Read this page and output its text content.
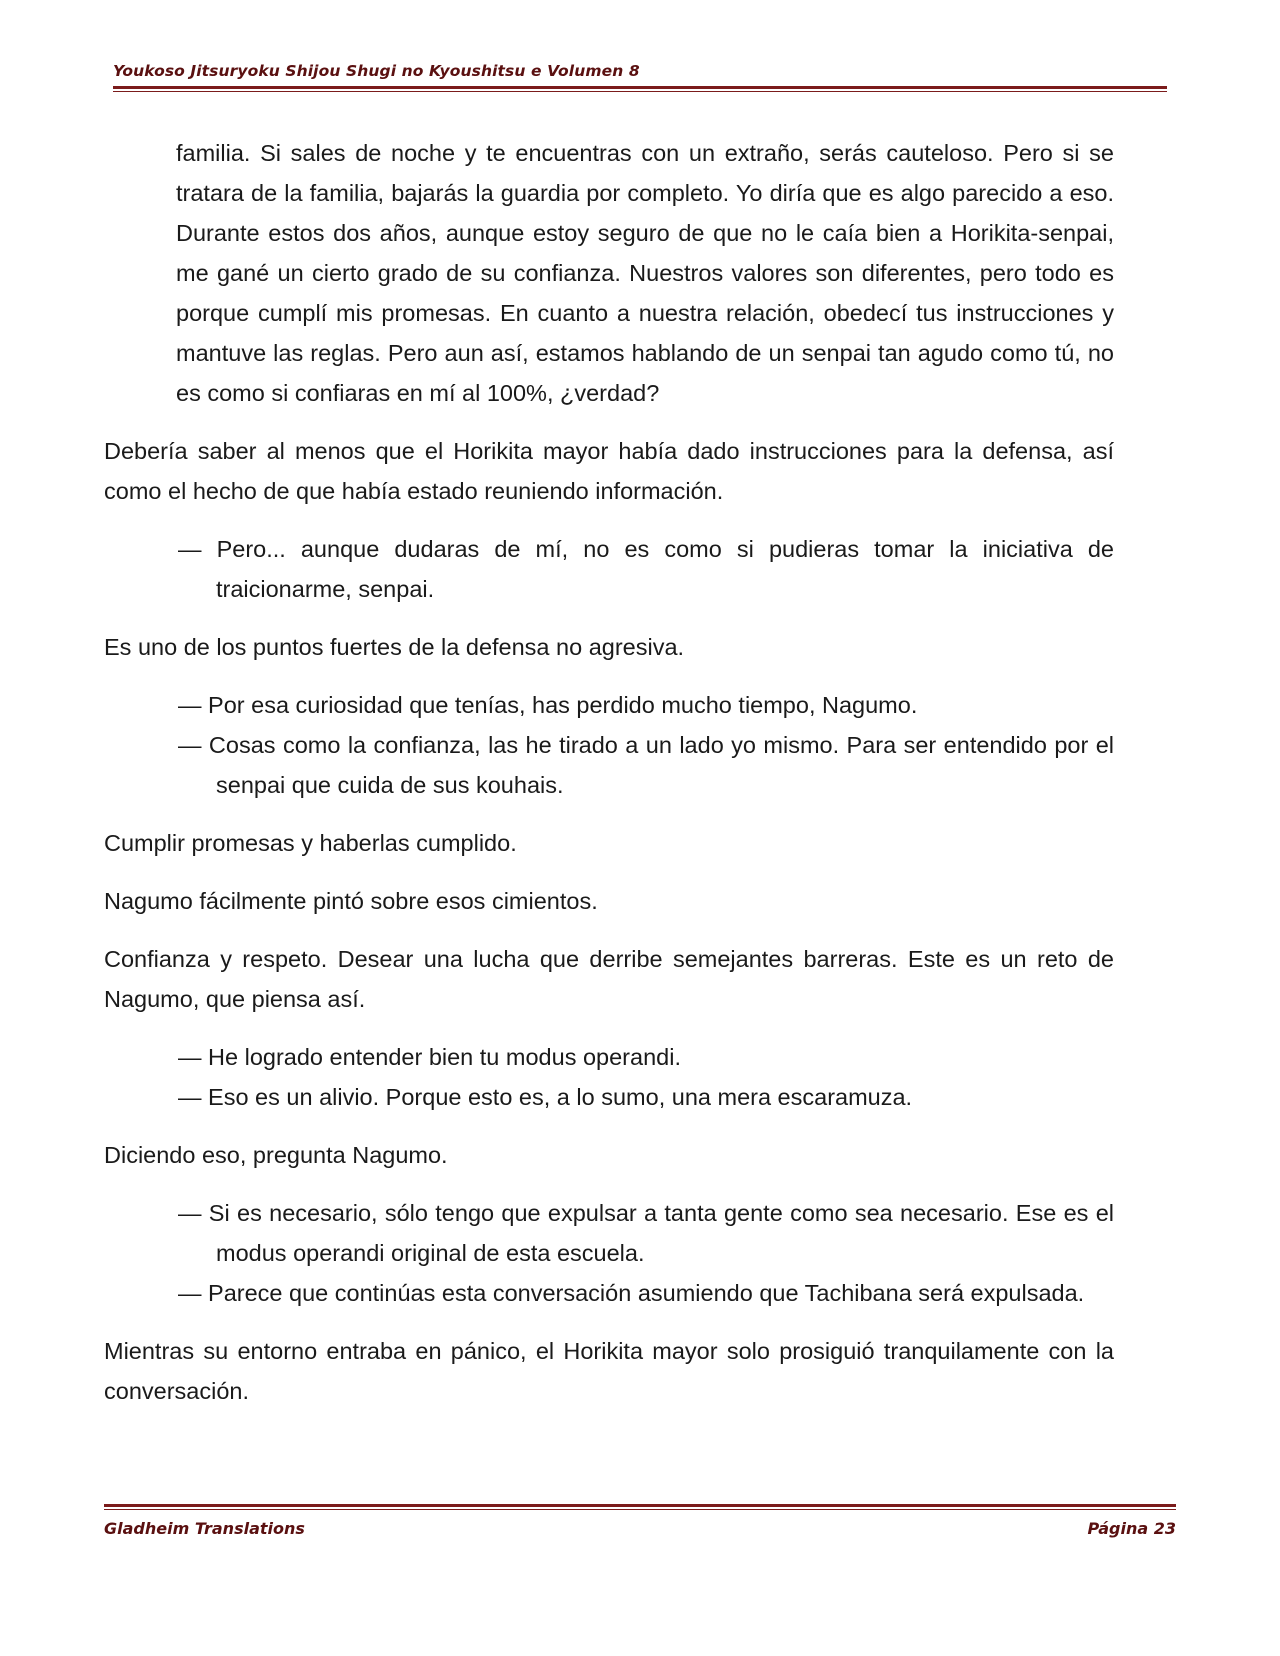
Youkoso Jitsuryoku Shijou Shugi no Kyoushitsu e Volumen 8

familia. Si sales de noche y te encuentras con un extraño, serás cauteloso. Pero si se tratara de la familia, bajarás la guardia por completo. Yo diría que es algo parecido a eso. Durante estos dos años, aunque estoy seguro de que no le caía bien a Horikita-senpai, me gané un cierto grado de su confianza. Nuestros valores son diferentes, pero todo es porque cumplí mis promesas. En cuanto a nuestra relación, obedecí tus instrucciones y mantuve las reglas. Pero aun así, estamos hablando de un senpai tan agudo como tú, no es como si confiaras en mí al 100%, ¿verdad?

Debería saber al menos que el Horikita mayor había dado instrucciones para la defensa, así como el hecho de que había estado reuniendo información.

— Pero... aunque dudaras de mí, no es como si pudieras tomar la iniciativa de traicionarme, senpai.

Es uno de los puntos fuertes de la defensa no agresiva.

— Por esa curiosidad que tenías, has perdido mucho tiempo, Nagumo.

— Cosas como la confianza, las he tirado a un lado yo mismo. Para ser entendido por el senpai que cuida de sus kouhais.

Cumplir promesas y haberlas cumplido.

Nagumo fácilmente pintó sobre esos cimientos.

Confianza y respeto. Desear una lucha que derribe semejantes barreras. Este es un reto de Nagumo, que piensa así.

— He logrado entender bien tu modus operandi.

— Eso es un alivio. Porque esto es, a lo sumo, una mera escaramuza.

Diciendo eso, pregunta Nagumo.

— Si es necesario, sólo tengo que expulsar a tanta gente como sea necesario. Ese es el modus operandi original de esta escuela.

— Parece que continúas esta conversación asumiendo que Tachibana será expulsada.

Mientras su entorno entraba en pánico, el Horikita mayor solo prosiguió tranquilamente con la conversación.

Gladheim Translations	Página 23
